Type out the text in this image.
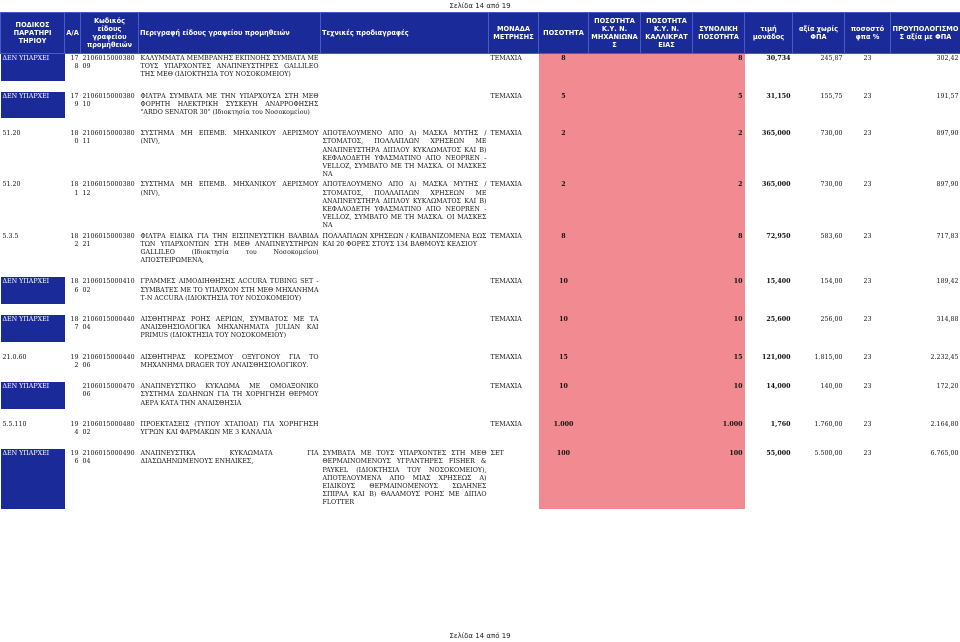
Σελίδα 14 από 19
ΠΟΔΙΚΟΣ ΠΑΡΑΤΗΡΙ ΤΗΡΙΟΥ	Α/Α	Κωδικός είδους γραφείου προμήθειών	Περιγραφή είδους γραφείου προμηθειών	Τεχνικές προδιαγραφές	ΜΟΝΑΔΑ ΜΕΤΡΗΣΗΣ	ΠΟΣΟΤΗΤΑ	ΠΟΣΟΤΗΤΑ Κ.Υ. Ν. ΜΗΧΑΝΙΩΝΑ Σ	ΠΟΣΟΤΗΤΑ Κ.Υ. Ν. ΚΑΛΛΙΚΡΑΤ ΕΙΑΣ	ΣΥΝΟΛΙΚΗ ΠΟΣΟΤΗΤΑ	τιμή μονάδος	αξία χωρίς ΦΠΑ	ποσοστό φπα %	ΠΡΟΥΠΟΛΟΓΙΣΜΟ Σ αξία με ΦΠΑ
ΔΕΝ ΥΠΑΡΧΕΙ	178	210601500038009	ΚΑΛΥΜΜΑΤΑ ΜΕΜΒΡΑΝΗΣ ΕΚΠΝΟΗΣ ΣΥΜΒΑΤΑ ΜΕ ΤΟΥΣ ΥΠΑΡΧΟΝΤΕΣ ΑΝΑΠΝΕΥΣΤΗΡΕΣ GALLILEO ΤΗΣ ΜΕΘ (ΙΔΙΟΚΤΗΣΙΑ ΤΟΥ ΝΟΣΟΚΟΜΕΙΟΥ)		ΤΕΜΑΧΙΑ	8			8	30,734	245,87	23	302,42

ΔΕΝ ΥΠΑΡΧΕΙ	179	210601500038010	ΦΙΛΤΡΑ ΣΥΜΒΑΤΑ ΜΕ ΤΗΝ ΥΠΑΡΧΟΥΣΑ ΣΤΗ ΜΕΘ ΦΟΡΗΤΗ ΗΛΕΚΤΡΙΚΗ ΣΥΣΚΕΥΗ ΑΝΑΡΡΟΦΗΣΗΣ "ARDO SENATOR 30" (Ιδιοκτησία του Νοσοκομείου)		ΤΕΜΑΧΙΑ	5			5	31,150	155,75	23	191,57

51.20	180	210601500038011	ΣΥΣΤΗΜΑ ΜΗ ΕΠΕΜΒ. ΜΗΧΑΝΙΚΟΥ ΑΕΡΙΣΜΟΥ (NIV),	ΑΠΟΤΕΛΟΥΜΕΝΟ ΑΠΟ Α) ΜΑΣΚΑ ΜΥΤΗΣ / ΣΤΟΜΑΤΟΣ, ΠΟΛΛΑΠΛΩΝ ΧΡΗΣΕΩΝ ΜΕ ΑΝΑΠΝΕΥΣΤΗΡΑ ΔΙΠΛΟΥ ΚΥΚΛΩΜΑΤΟΣ ΚΑΙ Β) ΚΕΦΑΛΟΔΕΤΗ ΥΦΑΣΜΑΤΙΝΟ ΑΠΟ NEOPREN - VELLOZ, ΣΥΜΒΑΤΟ ΜΕ ΤΗ ΜΑΣΚΑ. ΟΙ ΜΑΣΚΕΣ ΝΑ	ΤΕΜΑΧΙΑ	2			2	365,000	730,00	23	897,90
51.20	181	210601500038012	ΣΥΣΤΗΜΑ ΜΗ ΕΠΕΜΒ. ΜΗΧΑΝΙΚΟΥ ΑΕΡΙΣΜΟΥ (NIV),	ΑΠΟΤΕΛΟΥΜΕΝΟ ΑΠΟ Α) ΜΑΣΚΑ ΜΥΤΗΣ / ΣΤΟΜΑΤΟΣ, ΠΟΛΛΑΠΛΩΝ ΧΡΗΣΕΩΝ ΜΕ ΑΝΑΠΝΕΥΣΤΗΡΑ ΔΙΠΛΟΥ ΚΥΚΛΩΜΑΤΟΣ ΚΑΙ Β) ΚΕΦΑΛΟΔΕΤΗ ΥΦΑΣΜΑΤΙΝΟ ΑΠΟ NEOPREN - VELLOZ, ΣΥΜΒΑΤΟ ΜΕ ΤΗ ΜΑΣΚΑ. ΟΙ ΜΑΣΚΕΣ ΝΑ	ΤΕΜΑΧΙΑ	2			2	365,000	730,00	23	897,90
5.3.5	182	210601500038021	ΦΙΛΤΡΑ ΕΙΔΙΚΑ ΓΙΑ ΤΗΝ ΕΙΣΠΝΕΥΣΤΙΚΗ ΒΑΛΒΙΔΑ ΤΩΝ ΥΠΑΡΧΟΝΤΩΝ ΣΤΗ ΜΕΘ ΑΝΑΠΝΕΥΣΤΗΡΩΝ GALLILEO (Ιδιοκτησία του Νοσοκομείου) ΑΠΟΣΤΕΙΡΩΜΕΝΑ,	ΠΟΛΛΑΠΛΩΝ ΧΡΗΣΕΩΝ / ΚΛΙΒΑΝΙΖΟΜΕΝΑ ΕΩΣ ΚΑΙ 20 ΦΟΡΕΣ ΣΤΟΥΣ 134 ΒΑΘΜΟΥΣ ΚΕΛΣΙΟΥ	ΤΕΜΑΧΙΑ	8			8	72,950	583,60	23	717,83

ΔΕΝ ΥΠΑΡΧΕΙ	186	210601500041002	ΓΡΑΜΜΕΣ ΑΙΜΟΔΙΗΘΗΣΗΣ ACCURA TUBING SET - ΣΥΜΒΑΤΕΣ ΜΕ ΤΟ ΥΠΑΡΧΟΝ ΣΤΗ ΜΕΘ ΜΗΧΑΝΗΜΑ Τ-Ν ACCURA (ΙΔΙΟΚΤΗΣΙΑ ΤΟΥ ΝΟΣΟΚΟΜΕΙΟΥ)		ΤΕΜΑΧΙΑ	10			10	15,400	154,00	23	189,42

ΔΕΝ ΥΠΑΡΧΕΙ	187	210601500044004	ΑΙΣΘΗΤΗΡΑΣ ΡΟΗΣ ΑΕΡΙΩΝ, ΣΥΜΒΑΤΟΣ ΜΕ ΤΑ ΑΝΑΙΣΘΗΣΙΟΛΟΓΙΚΑ ΜΗΧΑΝΗΜΑΤΑ JULIAN ΚΑΙ PRIMUS (ΙΔΙΟΚΤΗΣΙΑ ΤΟΥ ΝΟΣΟΚΟΜΕΙΟΥ)		ΤΕΜΑΧΙΑ	10			10	25,600	256,00	23	314,88

21.0.60	192	210601500044006	ΑΙΣΘΗΤΗΡΑΣ ΚΟΡΕΣΜΟΥ ΟΞΥΓΟΝΟΥ ΓΙΑ ΤΟ ΜΗΧΑΝΗΜΑ DRAGER ΤΟΥ ΑΝΑΙΣΘΗΣΙΟΛΟΓΙΚΟΥ.		ΤΕΜΑΧΙΑ	15			15	121,000	1.815,00	23	2.232,45

ΔΕΝ ΥΠΑΡΧΕΙ		210601500047006	ΑΝΑΠΝΕΥΣΤΙΚΟ ΚΥΚΛΩΜΑ ΜΕ ΟΜΟΑΞΟΝΙΚΟ ΣΥΣΤΗΜΑ ΣΩΛΗΝΩΝ ΓΙΑ ΤΗ ΧΟΡΗΓΗΣΗ ΘΕΡΜΟΥ ΑΕΡΑ ΚΑΤΑ ΤΗΝ ΑΝΑΙΣΘΗΣΙΑ		ΤΕΜΑΧΙΑ	10			10	14,000	140,00	23	172,20

5.5.110	194	210601500048002	ΠΡΟΕΚΤΑΣΕΙΣ (ΤΥΠΟΥ ΧΤΑΠΟΔΙ) ΓΙΑ ΧΟΡΗΓΗΣΗ ΥΓΡΩΝ ΚΑΙ ΦΑΡΜΑΚΩΝ ΜΕ 3 ΚΑΝΑΛΙΑ		ΤΕΜΑΧΙΑ	1.000			1.000	1,760	1.760,00	23	2.164,80

ΔΕΝ ΥΠΑΡΧΕΙ	196	210601500049004	ΑΝΑΠΝΕΥΣΤΙΚΑ ΚΥΚΛΩΜΑΤΑ ΓΙΑ ΔΙΑΣΩΛΗΝΩΜΕΝΟΥΣ ΕΝΗΛΙΚΕΣ,	ΣΥΜΒΑΤΑ ΜΕ ΤΟΥΣ ΥΠΑΡΧΟΝΤΕΣ ΣΤΗ ΜΕΘ ΘΕΡΜΑΙΝΟΜΕΝΟΥΣ ΥΓΡΑΝΤΗΡΕΣ FISHER & PAYKEL (ΙΔΙΟΚΤΗΣΙΑ ΤΟΥ ΝΟΣΟΚΟΜΕΙΟΥ), ΑΠΟΤΕΛΟΥΜΕΝΑ ΑΠΟ ΜΙΑΣ ΧΡΗΣΕΩΣ Α) ΕΙΔΙΚΟΥΣ ΘΕΡΜΑΙΝΟΜΕΝΟΥΣ ΣΩΛΗΝΕΣ ΣΠΙΡΑΛ ΚΑΙ Β) ΘΑΛΑΜΟΥΣ ΡΟΗΣ ΜΕ ΔΙΠΛΟ FLOTTER	ΣΕΤ	100			100	55,000	5.500,00	23	6.765,00
Σελίδα 14 από 19
